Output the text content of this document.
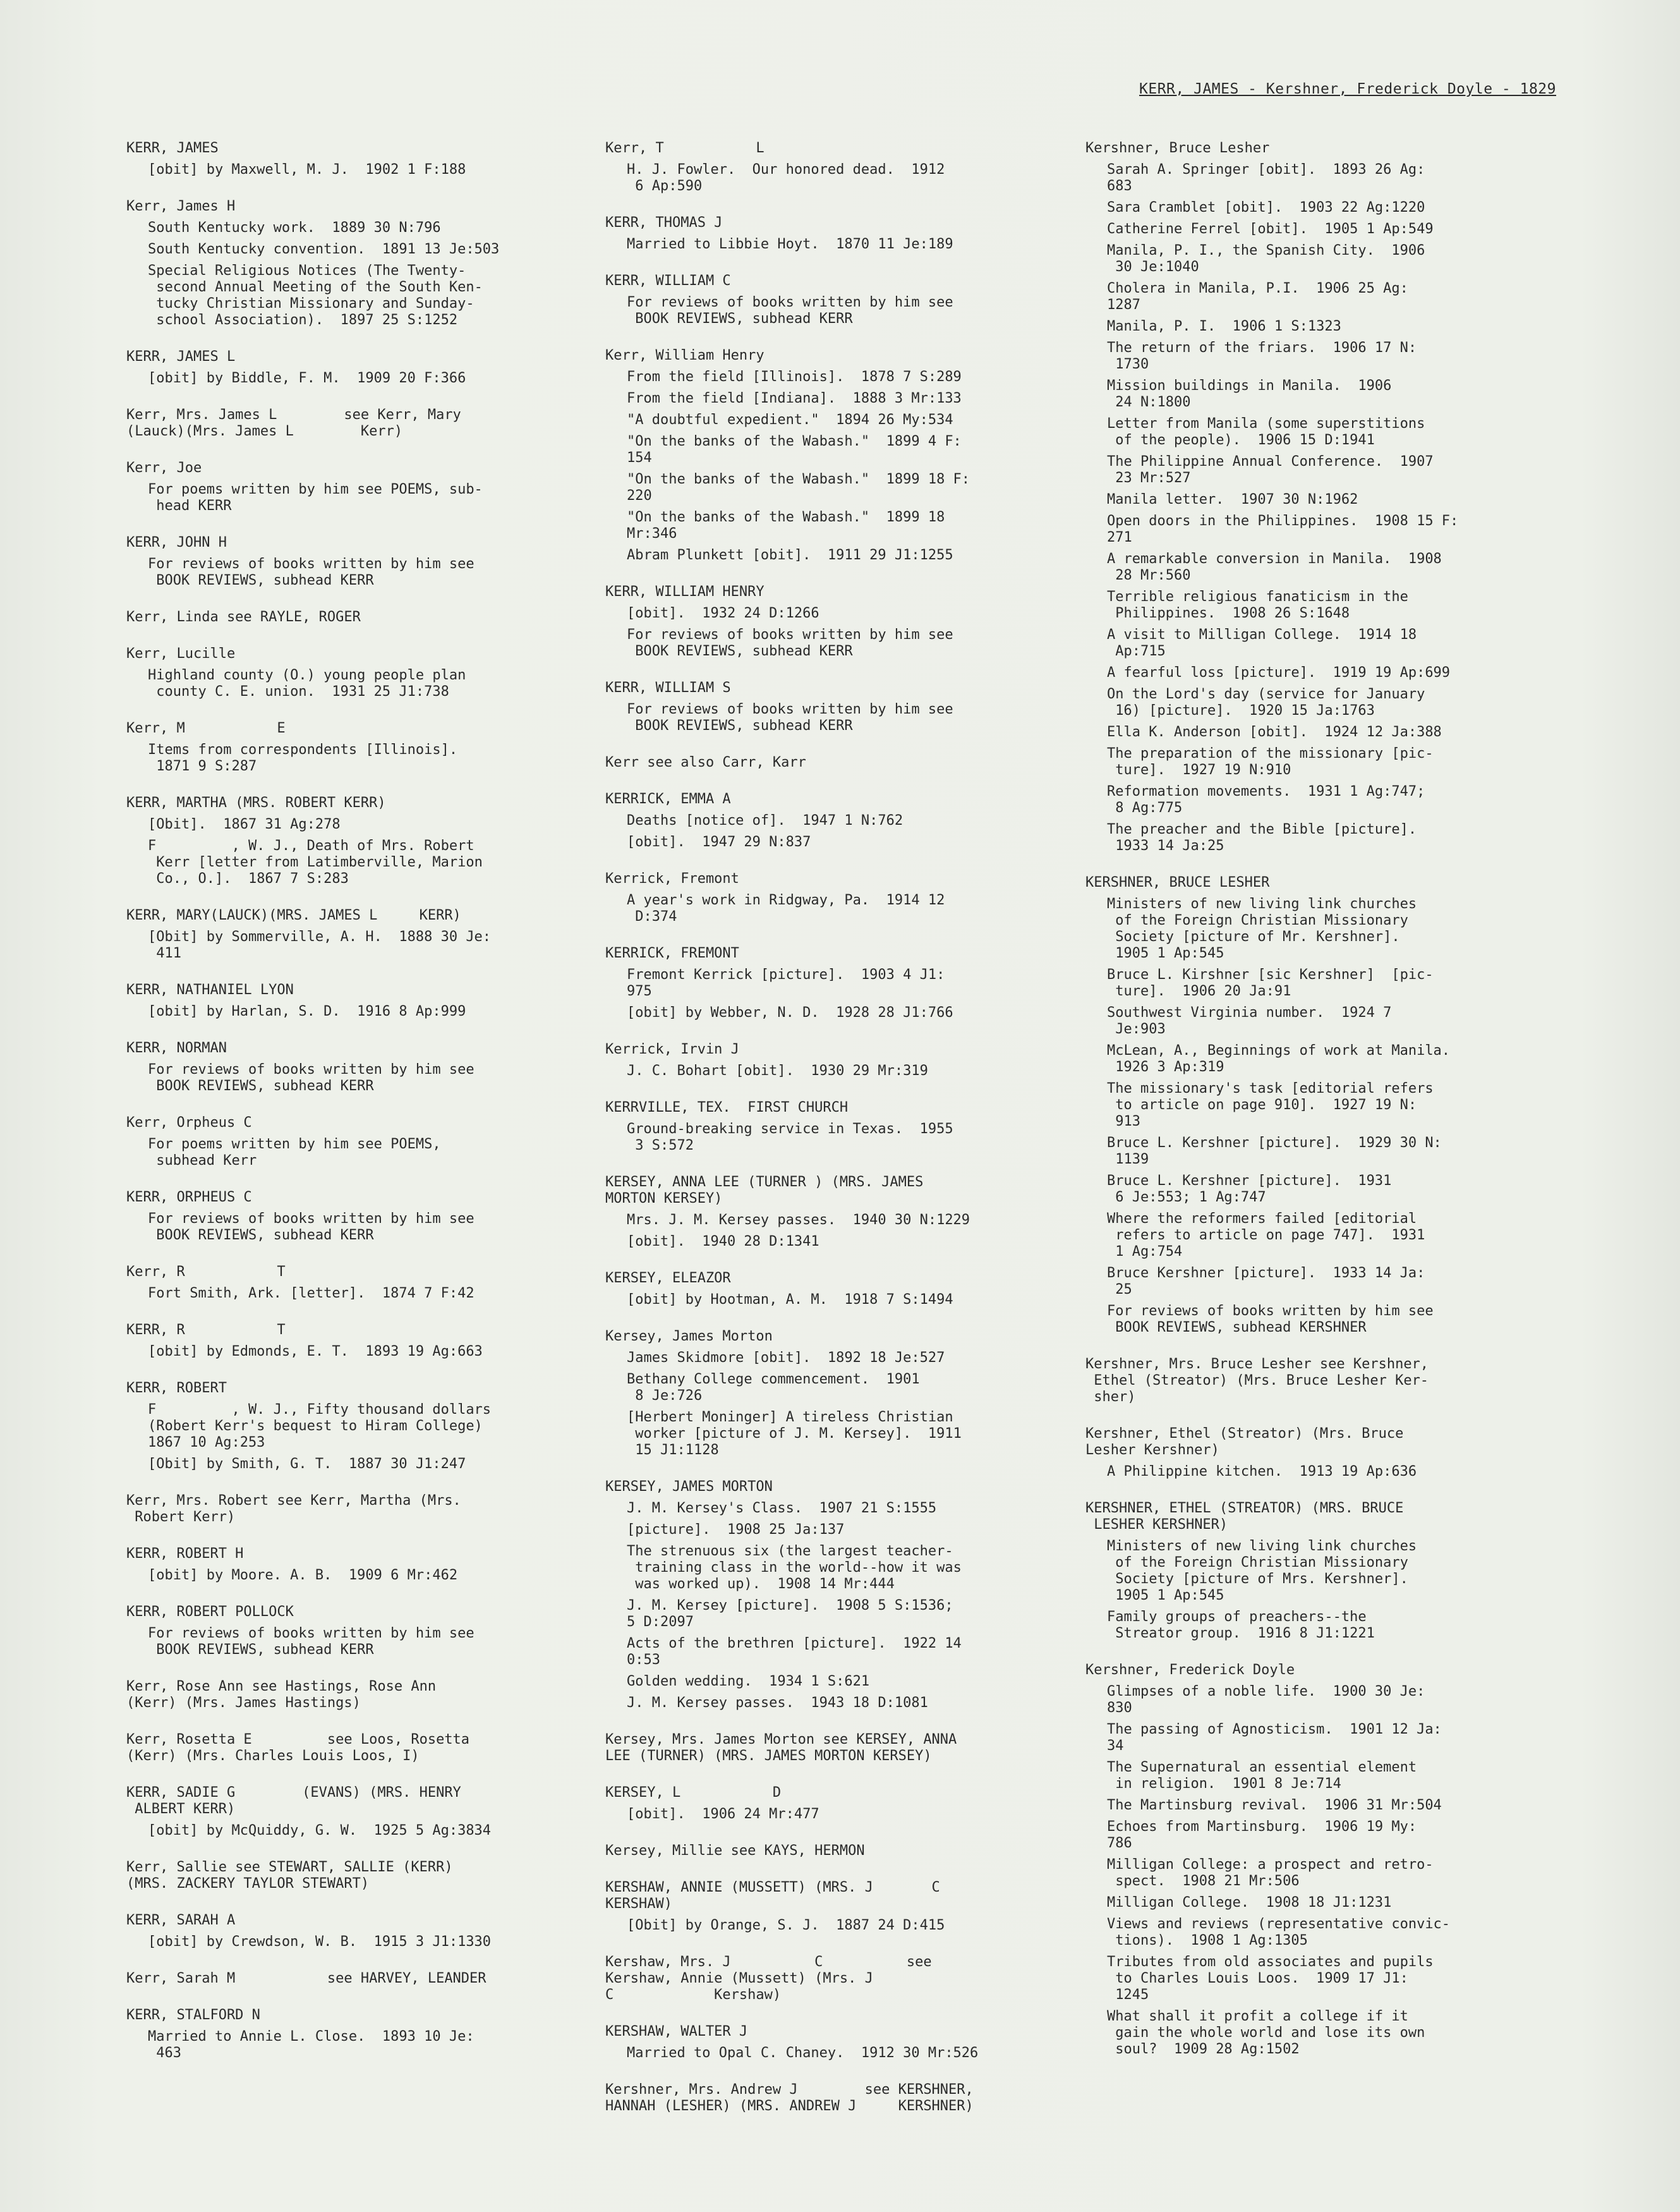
KERR, JAMES - Kershner, Frederick Doyle - 1829
KERR, JAMES
[obit] by Maxwell, M. J.  1902 1 F:188
Kerr, James H
South Kentucky work.  1889 30 N:796
South Kentucky convention.  1891 13 Je:503
Special Religious Notices (The Twenty-
second Annual Meeting of the South Ken-
tucky Christian Missionary and Sunday-
school Association).  1897 25 S:1252
KERR, JAMES L
[obit] by Biddle, F. M.  1909 20 F:366
Kerr, Mrs. James L        see Kerr, Mary
(Lauck)(Mrs. James L        Kerr)
Kerr, Joe
For poems written by him see POEMS, sub-
head KERR
KERR, JOHN H
For reviews of books written by him see
BOOK REVIEWS, subhead KERR
Kerr, Linda see RAYLE, ROGER
Kerr, Lucille
Highland county (O.) young people plan
county C. E. union.  1931 25 J1:738
Kerr, M           E
Items from correspondents [Illinois].
1871 9 S:287
KERR, MARTHA (MRS. ROBERT KERR)
[Obit].  1867 31 Ag:278
F         , W. J., Death of Mrs. Robert
Kerr [letter from Latimberville, Marion
Co., O.].  1867 7 S:283
KERR, MARY(LAUCK)(MRS. JAMES L     KERR)
[Obit] by Sommerville, A. H.  1888 30 Je:
411
KERR, NATHANIEL LYON
[obit] by Harlan, S. D.  1916 8 Ap:999
KERR, NORMAN
For reviews of books written by him see
BOOK REVIEWS, subhead KERR
Kerr, Orpheus C
For poems written by him see POEMS,
subhead Kerr
KERR, ORPHEUS C
For reviews of books written by him see
BOOK REVIEWS, subhead KERR
Kerr, R           T
Fort Smith, Ark. [letter].  1874 7 F:42
KERR, R           T
[obit] by Edmonds, E. T.  1893 19 Ag:663
KERR, ROBERT
F         , W. J., Fifty thousand dollars
(Robert Kerr's bequest to Hiram College)
1867 10 Ag:253
[Obit] by Smith, G. T.  1887 30 J1:247
Kerr, Mrs. Robert see Kerr, Martha (Mrs.
Robert Kerr)
KERR, ROBERT H
[obit] by Moore. A. B.  1909 6 Mr:462
KERR, ROBERT POLLOCK
For reviews of books written by him see
BOOK REVIEWS, subhead KERR
Kerr, Rose Ann see Hastings, Rose Ann
(Kerr) (Mrs. James Hastings)
Kerr, Rosetta E         see Loos, Rosetta
(Kerr) (Mrs. Charles Louis Loos, I)
KERR, SADIE G        (EVANS) (MRS. HENRY
ALBERT KERR)
[obit] by McQuiddy, G. W.  1925 5 Ag:3834
Kerr, Sallie see STEWART, SALLIE (KERR)
(MRS. ZACKERY TAYLOR STEWART)
KERR, SARAH A
[obit] by Crewdson, W. B.  1915 3 J1:1330
Kerr, Sarah M           see HARVEY, LEANDER
KERR, STALFORD N
Married to Annie L. Close.  1893 10 Je:
463
Kerr, T           L
H. J. Fowler.  Our honored dead.  1912
6 Ap:590
KERR, THOMAS J
Married to Libbie Hoyt.  1870 11 Je:189
KERR, WILLIAM C
For reviews of books written by him see
BOOK REVIEWS, subhead KERR
Kerr, William Henry
From the field [Illinois].  1878 7 S:289
From the field [Indiana].  1888 3 Mr:133
"A doubtful expedient."  1894 26 My:534
"On the banks of the Wabash."  1899 4 F:
154
"On the banks of the Wabash."  1899 18 F:
220
"On the banks of the Wabash."  1899 18
Mr:346
Abram Plunkett [obit].  1911 29 J1:1255
KERR, WILLIAM HENRY
[obit].  1932 24 D:1266
For reviews of books written by him see
BOOK REVIEWS, subhead KERR
KERR, WILLIAM S
For reviews of books written by him see
BOOK REVIEWS, subhead KERR
Kerr see also Carr, Karr
KERRICK, EMMA A
Deaths [notice of].  1947 1 N:762
[obit].  1947 29 N:837
Kerrick, Fremont
A year's work in Ridgway, Pa.  1914 12
D:374
KERRICK, FREMONT
Fremont Kerrick [picture].  1903 4 J1:
975
[obit] by Webber, N. D.  1928 28 J1:766
Kerrick, Irvin J
J. C. Bohart [obit].  1930 29 Mr:319
KERRVILLE, TEX.  FIRST CHURCH
Ground-breaking service in Texas.  1955
3 S:572
KERSEY, ANNA LEE (TURNER ) (MRS. JAMES
MORTON KERSEY)
Mrs. J. M. Kersey passes.  1940 30 N:1229
[obit].  1940 28 D:1341
KERSEY, ELEAZOR
[obit] by Hootman, A. M.  1918 7 S:1494
Kersey, James Morton
James Skidmore [obit].  1892 18 Je:527
Bethany College commencement.  1901
8 Je:726
[Herbert Moninger] A tireless Christian
worker [picture of J. M. Kersey].  1911
15 J1:1128
KERSEY, JAMES MORTON
J. M. Kersey's Class.  1907 21 S:1555
[picture].  1908 25 Ja:137
The strenuous six (the largest teacher-
training class in the world--how it was
was worked up).  1908 14 Mr:444
J. M. Kersey [picture].  1908 5 S:1536;
5 D:2097
Acts of the brethren [picture].  1922 14
0:53
Golden wedding.  1934 1 S:621
J. M. Kersey passes.  1943 18 D:1081
Kersey, Mrs. James Morton see KERSEY, ANNA
LEE (TURNER) (MRS. JAMES MORTON KERSEY)
KERSEY, L           D
[obit].  1906 24 Mr:477
Kersey, Millie see KAYS, HERMON
KERSHAW, ANNIE (MUSSETT) (MRS. J       C
KERSHAW)
[Obit] by Orange, S. J.  1887 24 D:415
Kershaw, Mrs. J          C          see
Kershaw, Annie (Mussett) (Mrs. J
C            Kershaw)
KERSHAW, WALTER J
Married to Opal C. Chaney.  1912 30 Mr:526
Kershner, Mrs. Andrew J        see KERSHNER,
HANNAH (LESHER) (MRS. ANDREW J     KERSHNER)
Kershner, Bruce Lesher
Sarah A. Springer [obit].  1893 26 Ag:
683
Sara Cramblet [obit].  1903 22 Ag:1220
Catherine Ferrel [obit].  1905 1 Ap:549
Manila, P. I., the Spanish City.  1906
30 Je:1040
Cholera in Manila, P.I.  1906 25 Ag:
1287
Manila, P. I.  1906 1 S:1323
The return of the friars.  1906 17 N:
1730
Mission buildings in Manila.  1906
24 N:1800
Letter from Manila (some superstitions
of the people).  1906 15 D:1941
The Philippine Annual Conference.  1907
23 Mr:527
Manila letter.  1907 30 N:1962
Open doors in the Philippines.  1908 15 F:
271
A remarkable conversion in Manila.  1908
28 Mr:560
Terrible religious fanaticism in the
Philippines.  1908 26 S:1648
A visit to Milligan College.  1914 18
Ap:715
A fearful loss [picture].  1919 19 Ap:699
On the Lord's day (service for January
16) [picture].  1920 15 Ja:1763
Ella K. Anderson [obit].  1924 12 Ja:388
The preparation of the missionary [pic-
ture].  1927 19 N:910
Reformation movements.  1931 1 Ag:747;
8 Ag:775
The preacher and the Bible [picture].
1933 14 Ja:25
KERSHNER, BRUCE LESHER
Ministers of new living link churches
of the Foreign Christian Missionary
Society [picture of Mr. Kershner].
1905 1 Ap:545
Bruce L. Kirshner [sic Kershner]  [pic-
ture].  1906 20 Ja:91
Southwest Virginia number.  1924 7
Je:903
McLean, A., Beginnings of work at Manila.
1926 3 Ap:319
The missionary's task [editorial refers
to article on page 910].  1927 19 N:
913
Bruce L. Kershner [picture].  1929 30 N:
1139
Bruce L. Kershner [picture].  1931
6 Je:553; 1 Ag:747
Where the reformers failed [editorial
refers to article on page 747].  1931
1 Ag:754
Bruce Kershner [picture].  1933 14 Ja:
25
For reviews of books written by him see
BOOK REVIEWS, subhead KERSHNER
Kershner, Mrs. Bruce Lesher see Kershner,
Ethel (Streator) (Mrs. Bruce Lesher Ker-
sher)
Kershner, Ethel (Streator) (Mrs. Bruce
Lesher Kershner)
A Philippine kitchen.  1913 19 Ap:636
KERSHNER, ETHEL (STREATOR) (MRS. BRUCE
LESHER KERSHNER)
Ministers of new living link churches
of the Foreign Christian Missionary
Society [picture of Mrs. Kershner].
1905 1 Ap:545
Family groups of preachers--the
Streator group.  1916 8 J1:1221
Kershner, Frederick Doyle
Glimpses of a noble life.  1900 30 Je:
830
The passing of Agnosticism.  1901 12 Ja:
34
The Supernatural an essential element
in religion.  1901 8 Je:714
The Martinsburg revival.  1906 31 Mr:504
Echoes from Martinsburg.  1906 19 My:
786
Milligan College: a prospect and retro-
spect.  1908 21 Mr:506
Milligan College.  1908 18 J1:1231
Views and reviews (representative convic-
tions).  1908 1 Ag:1305
Tributes from old associates and pupils
to Charles Louis Loos.  1909 17 J1:
1245
What shall it profit a college if it
gain the whole world and lose its own
soul?  1909 28 Ag:1502
